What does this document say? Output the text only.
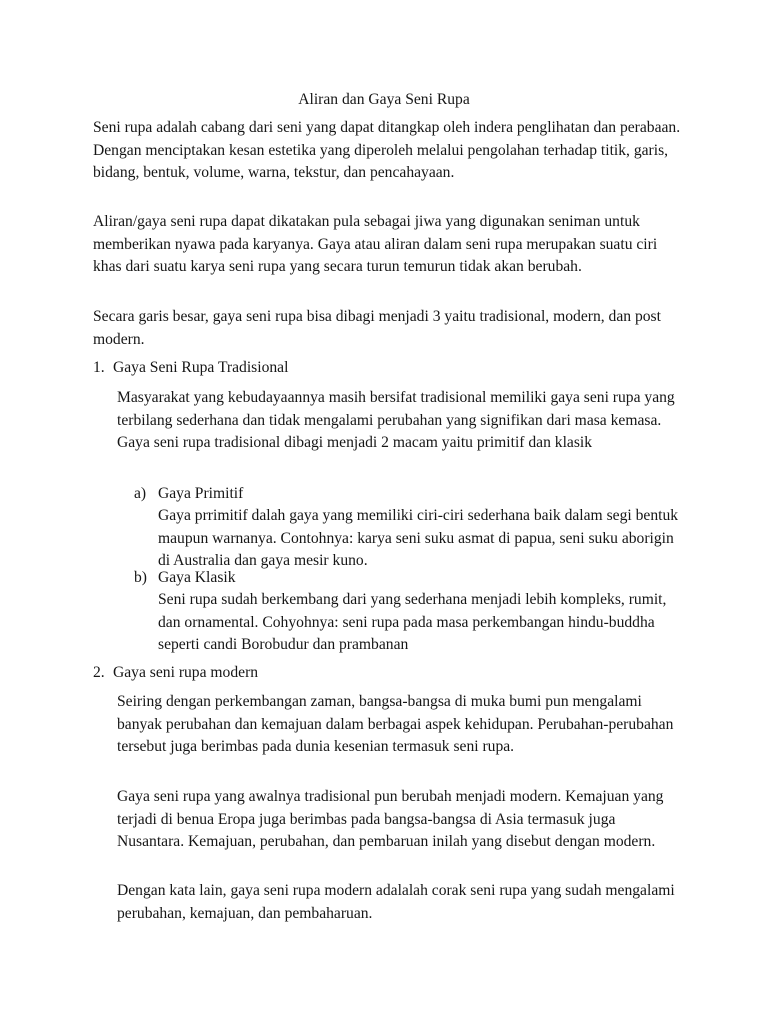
Aliran dan Gaya Seni Rupa

Seni rupa adalah cabang dari seni yang dapat ditangkap oleh indera penglihatan dan perabaan. Dengan menciptakan kesan estetika yang diperoleh melalui pengolahan terhadap titik, garis, bidang, bentuk, volume, warna, tekstur, dan pencahayaan.

Aliran/gaya seni rupa dapat dikatakan pula sebagai jiwa yang digunakan seniman untuk memberikan nyawa pada karyanya. Gaya atau aliran dalam seni rupa merupakan suatu ciri khas dari suatu karya seni rupa yang secara turun temurun tidak akan berubah.

Secara garis besar, gaya seni rupa bisa dibagi menjadi 3 yaitu tradisional, modern, dan post modern.

1. Gaya Seni Rupa Tradisional

Masyarakat yang kebudayaannya masih bersifat tradisional memiliki gaya seni rupa yang terbilang sederhana dan tidak mengalami perubahan yang signifikan dari masa kemasa. Gaya seni rupa tradisional dibagi menjadi 2 macam yaitu primitif dan klasik

a) Gaya Primitif

Gaya prrimitif dalah gaya yang memiliki ciri-ciri sederhana baik dalam segi bentuk maupun warnanya. Contohnya: karya seni suku asmat di papua, seni suku aborigin di Australia dan gaya mesir kuno.

b) Gaya Klasik

Seni rupa sudah berkembang dari yang sederhana menjadi lebih kompleks, rumit, dan ornamental. Cohyohnya: seni rupa pada masa perkembangan hindu-buddha seperti candi Borobudur dan prambanan

2. Gaya seni rupa modern

Seiring dengan perkembangan zaman, bangsa-bangsa di muka bumi pun mengalami banyak perubahan dan kemajuan dalam berbagai aspek kehidupan. Perubahan-perubahan tersebut juga berimbas pada dunia kesenian termasuk seni rupa.

Gaya seni rupa yang awalnya tradisional pun berubah menjadi modern. Kemajuan yang terjadi di benua Eropa juga berimbas pada bangsa-bangsa di Asia termasuk juga Nusantara. Kemajuan, perubahan, dan pembaruan inilah yang disebut dengan modern.

Dengan kata lain, gaya seni rupa modern adalalah corak seni rupa yang sudah mengalami perubahan, kemajuan, dan pembaharuan.
